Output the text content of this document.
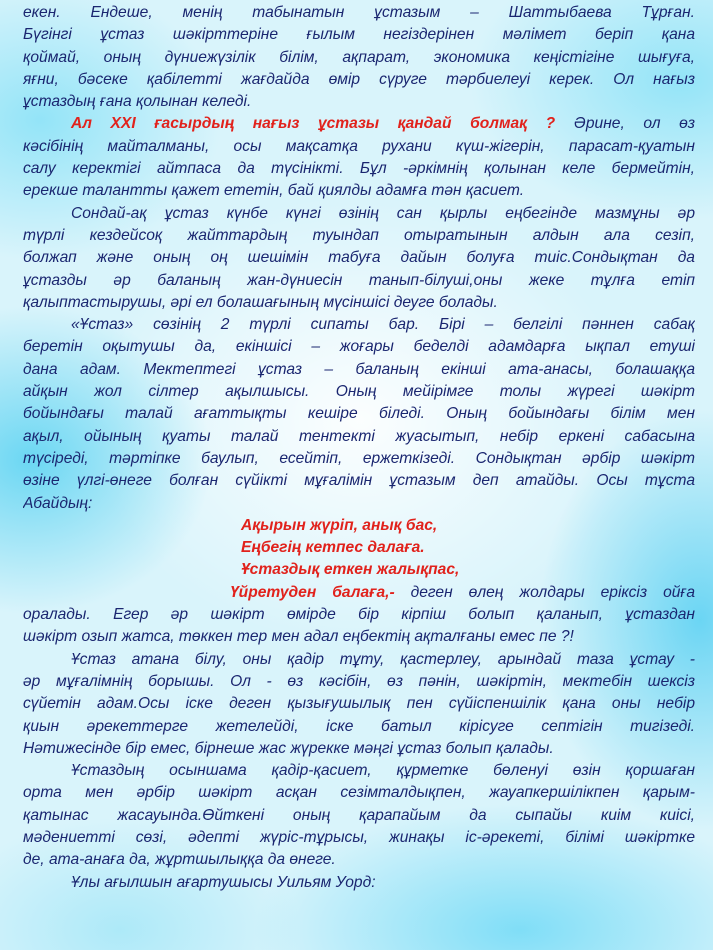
екен. Ендеше, менің табынатын ұстазым – Шаттыбаева Тұрған.
Бүгінгі ұстаз шәкірттеріне ғылым негіздерінен мәлімет беріп қана
қоймай, оның дүниежүзілік білім, ақпарат, экономика кеңістігіне шығуға,
яғни, бәсеке қабілетті жағдайда өмір сүруге тәрбиелеуі керек. Ол нағыз
ұстаздың ғана қолынан келеді.
Ал XXI ғасырдың нағыз ұстазы қандай болмақ ? Әрине, ол өз
кәсібінің майталманы, осы мақсатқа рухани күш-жігерін, парасат-қуатын
салу керектігі айтпаса да түсінікті. Бұл -әркімнің қолынан келе бермейтін,
ерекше талантты қажет ететін, бай қиялды адамға тән қасиет.
Сондай-ақ ұстаз күнбе күнгі өзінің сан қырлы еңбегінде мазмұны әр
түрлі кездейсоқ жайттардың туындап отыратынын алдын ала сезіп,
болжап және оның оң шешімін табуға дайын болуға тиіс.Сондықтан да
ұстазды әр баланың жан-дүниесін танып-білуші,оны жеке тұлға етіп
қалыптастырушы, әрі ел болашағының мүсіншісі деуге болады.
«Ұстаз» сөзінің 2 түрлі сипаты бар. Бірі – белгілі пәннен сабақ
беретін оқытушы да, екіншісі – жоғары беделді адамдарға ықпал етуші
дана адам. Мектептегі ұстаз – баланың екінші ата-анасы, болашаққа
айқын жол сілтер ақылшысы. Оның мейірімге толы жүрегі шәкірт
бойындағы талай ағаттықты кешіре біледі. Оның бойындағы білім мен
ақыл, ойының қуаты талай тентекті жуасытып, небір еркені сабасына
түсіреді, тәртіпке баулып, есейтіп, ержеткізеді. Сондықтан әрбір шәкірт
өзіне үлгі-өнеге болған сүйікті мұғалімін ұстазым деп атайды. Осы тұста
Абайдың:
Ақырын жүріп, анық бас,
Еңбегің кетпес далаға.
Ұстаздық еткен жалықпас,
Үйретуден балаға,- деген өлең жолдары еріксіз ойға
оралады. Егер әр шәкірт өмірде бір кірпіш болып қаланып, ұстаздан
шәкірт озып жатса, төккен тер мен адал еңбектің ақталғаны емес пе ?!
Ұстаз атана білу, оны қадір тұту, қастерлеу, арындай таза ұстау -
әр мұғалімнің борышы. Ол - өз кәсібін, өз пәнін, шәкіртін, мектебін шексіз
сүйетін адам.Осы іске деген қызығушылық пен сүйіспеншілік қана оны небір
қиын әрекеттерге жетелейді, іске батыл кірісуге септігін тигізеді.
Нәтижесінде бір емес, бірнеше жас жүрекке мәңгі ұстаз болып қалады.
Ұстаздың осыншама қадір-қасиет, құрметке бөленуі өзін қоршаған
орта мен әрбір шәкірт асқан сезімталдықпен, жауапкершілікпен қарым-
қатынас жасауында.Өйткені оның қарапайым да сыпайы киім киісі,
мәдениетті сөзі, әдепті жүріс-тұрысы, жинақы іс-әрекеті, білімі шәкіртке
де, ата-анаға да, жұртшылыққа да өнеге.
Ұлы ағылшын ағартушысы Уильям Уорд:
